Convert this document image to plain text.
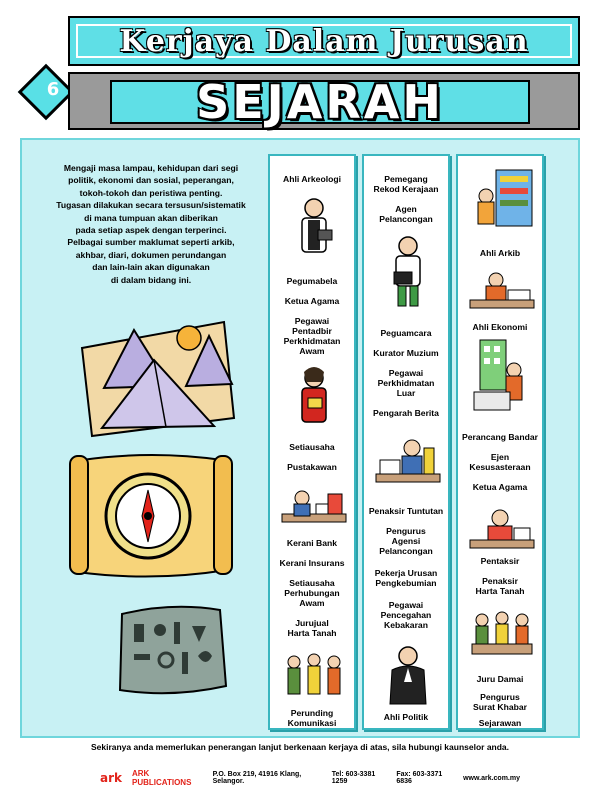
6
Kerjaya Dalam Jurusan
SEJARAH

Mengaji masa lampau, kehidupan dari segi

politik, ekonomi dan sosial, peperangan,

tokoh-tokoh dan peristiwa penting.

Tugasan dilakukan secara tersusun/sistematik

di mana tumpuan akan diberikan

pada setiap aspek dengan terperinci.

Pelbagai sumber maklumat seperti arkib,

akhbar, diari, dokumen perundangan

dan lain-lain akan digunakan

di dalam bidang ini.

Ahli Arkeologi
Pegumabela
Ketua Agama
Pegawai
Pentadbir
Perkhidmatan
Awam
Setiausaha
Pustakawan
Kerani Bank
Kerani Insurans
Setiausaha
Perhubungan
Awam
Jurujual
Harta Tanah
Perunding
Komunikasi
Pemegang
Rekod Kerajaan
Agen
Pelancongan
Peguamcara
Kurator Muzium
Pegawai
Perkhidmatan
Luar
Pengarah Berita
Penaksir Tuntutan
Pengurus
Agensi
Pelancongan
Pekerja Urusan
Pengkebumian
Pegawai
Pencegahan
Kebakaran
Ahli Politik
Ahli Arkib
Ahli Ekonomi
Perancang Bandar
Ejen
Kesusasteraan
Ketua Agama
Pentaksir
Penaksir
Harta Tanah
Juru Damai
Pengurus
Surat Khabar
Sejarawan
Sekiranya anda memerlukan penerangan lanjut berkenaan kerjaya di atas, sila hubungi kaunselor anda.
ark ARK PUBLICATIONS
P.O. Box 219, 41916 Klang, Selangor.
Tel: 603-3381 1259
Fax: 603-3371 6836	www.ark.com.my
